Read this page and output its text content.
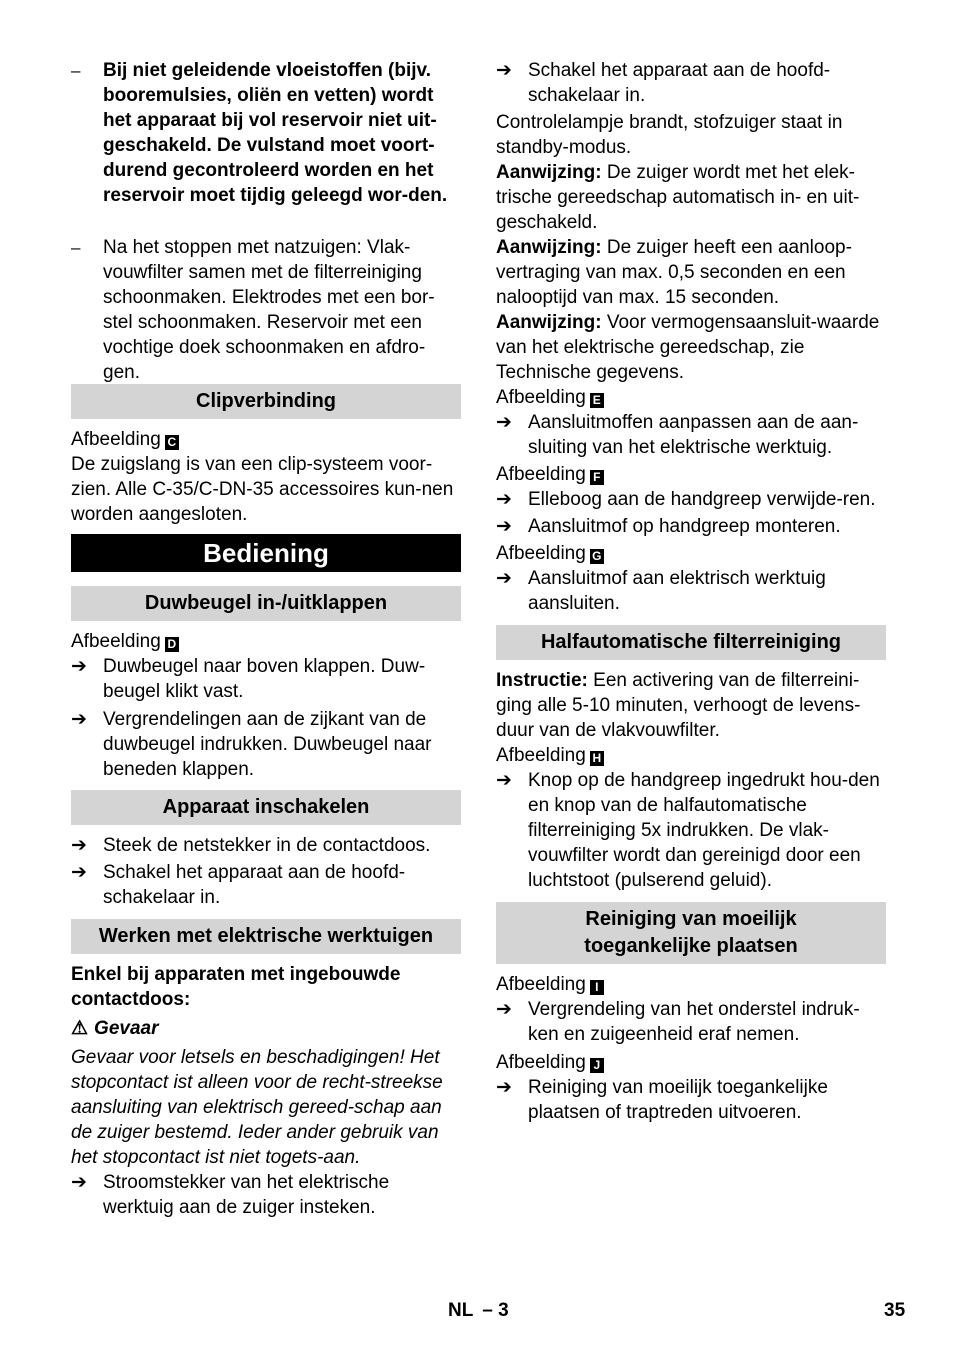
–	Bij niet geleidende vloeistoffen (bijv. booremulsies, oliën en vetten) wordt het apparaat bij vol reservoir niet uit-geschakeld. De vulstand moet voort-durend gecontroleerd worden en het reservoir moet tijdig geleegd wor-den.

–	Na het stoppen met natzuigen: Vlak-vouwfilter samen met de filterreiniging schoonmaken. Elektrodes met een bor-stel schoonmaken. Reservoir met een vochtige doek schoonmaken en afdro-gen.

Clipverbinding

Afbeelding C

De zuigslang is van een clip-systeem voor-zien. Alle C-35/C-DN-35 accessoires kun-nen worden aangesloten.

Bediening
Duwbeugel in-/uitklappen

Afbeelding D

➔ Duwbeugel naar boven klappen. Duw-beugel klikt vast.

➔ Vergrendelingen aan de zijkant van de duwbeugel indrukken. Duwbeugel naar beneden klappen.

Apparaat inschakelen
➔ Steek de netstekker in de contactdoos.

➔ Schakel het apparaat aan de hoofd-schakelaar in.

Werken met elektrische werktuigen

Enkel bij apparaten met ingebouwde contactdoos:

⚠ Gevaar

Gevaar voor letsels en beschadigingen! Het stopcontact ist alleen voor de recht-streekse aansluiting van elektrisch gereed-schap aan de zuiger bestemd. Ieder ander gebruik van het stopcontact ist niet togets-aan.

➔ Stroomstekker van het elektrische werktuig aan de zuiger insteken.

➔ Schakel het apparaat aan de hoofd-schakelaar in.

Controlelampje brandt, stofzuiger staat in standby-modus.

Aanwijzing: De zuiger wordt met het elek-trische gereedschap automatisch in- en uit-geschakeld.

Aanwijzing: De zuiger heeft een aanloop-vertraging van max. 0,5 seconden en een nalooptijd van max. 15 seconden.

Aanwijzing: Voor vermogensaansluit-waarde van het elektrische gereedschap, zie Technische gegevens.

Afbeelding E

➔ Aansluitmoffen aanpassen aan de aan-sluiting van het elektrische werktuig.

Afbeelding F

➔ Elleboog aan de handgreep verwijde-ren.

➔ Aansluitmof op handgreep monteren.

Afbeelding G

➔ Aansluitmof aan elektrisch werktuig aansluiten.

Halfautomatische filterreiniging

Instructie: Een activering van de filterreini-ging alle 5-10 minuten, verhoogt de levens-duur van de vlakvouwfilter.

Afbeelding H

➔ Knop op de handgreep ingedrukt hou-den en knop van de halfautomatische filterreiniging 5x indrukken. De vlak-vouwfilter wordt dan gereinigd door een luchtstoot (pulserend geluid).

Reiniging van moeilijk toegankelijke plaatsen

Afbeelding I

➔ Vergrendeling van het onderstel indruk-ken en zuigeenheid eraf nemen.

Afbeelding J

➔ Reiniging van moeilijk toegankelijke plaatsen of traptreden uitvoeren.

NL – 3	35
